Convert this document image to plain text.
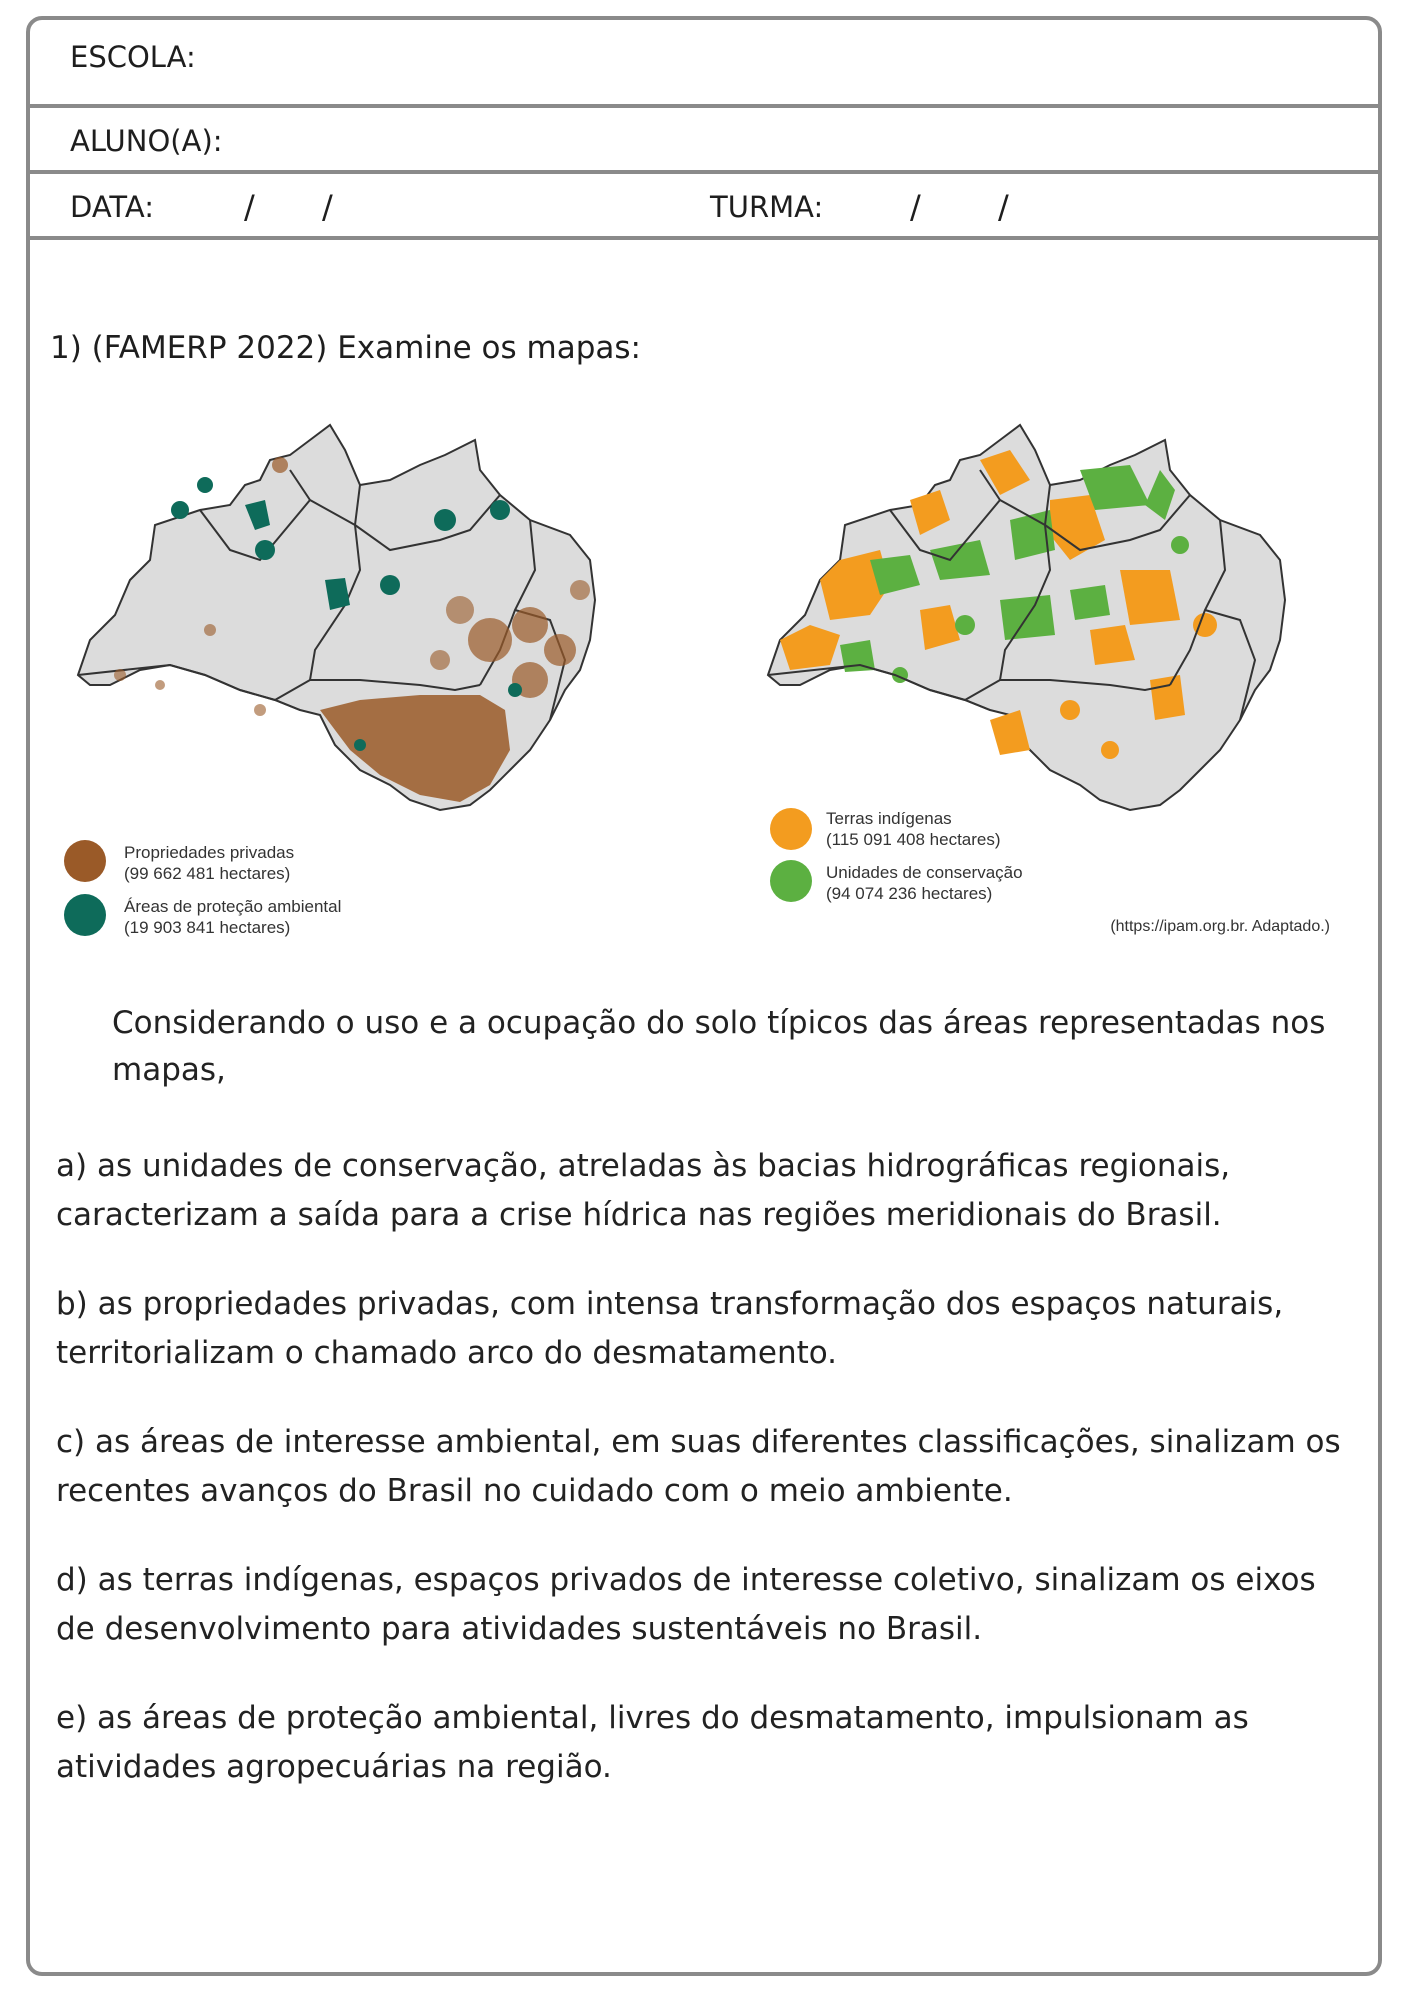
ESCOLA:
ALUNO(A):
DATA:	/ /	TURMA:	/ /
1) (FAMERP 2022) Examine os mapas:
Propriedades privadas
(99 662 481 hectares)
Áreas de proteção ambiental
(19 903 841 hectares)
Terras indígenas
(115 091 408 hectares)
Unidades de conservação
(94 074 236 hectares)
(https://ipam.org.br. Adaptado.)
Considerando o uso e a ocupação do solo típicos das áreas representadas nos mapas,
a) as unidades de conservação, atreladas às bacias hidrográficas regionais, caracterizam a saída para a crise hídrica nas regiões meridionais do Brasil.
b) as propriedades privadas, com intensa transformação dos espaços naturais, territorializam o chamado arco do desmatamento.
c) as áreas de interesse ambiental, em suas diferentes classificações, sinalizam os recentes avanços do Brasil no cuidado com o meio ambiente.
d) as terras indígenas, espaços privados de interesse coletivo, sinalizam os eixos de desenvolvimento para atividades sustentáveis no Brasil.
e) as áreas de proteção ambiental, livres do desmatamento, impulsionam as atividades agropecuárias na região.
